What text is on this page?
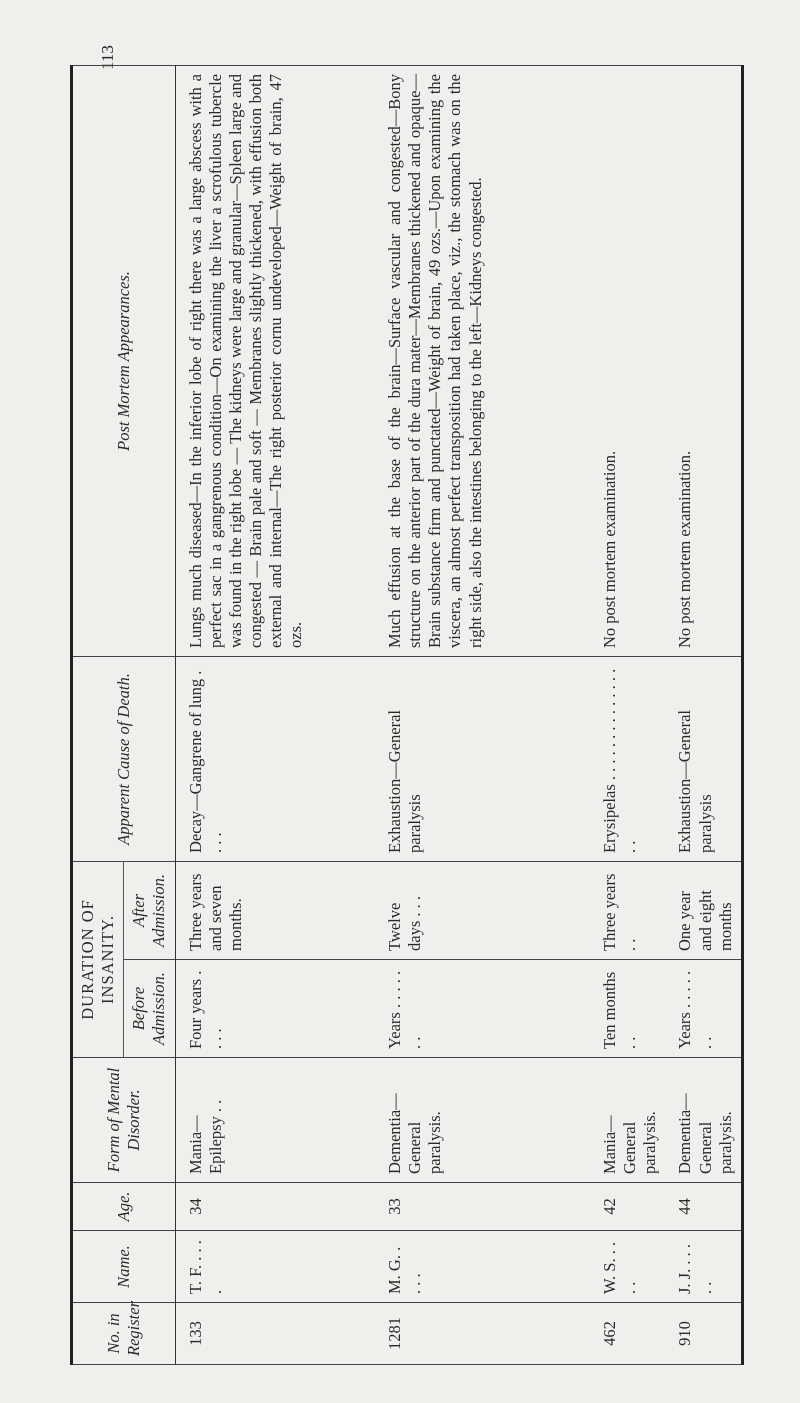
113
No. in Register	Name.	Age.	Form of Mental Disorder.	DURATION OF INSANITY.		Apparent Cause of Death.	Post Mortem Appearances.
				Before Admission.	After Admission.		
133	T. F. . . . .	34	Mania—Epilepsy . .	Four years . . . .	Three years and seven months.	Decay—Gangrene of lung . . . .	Lungs much diseased—In the inferior lobe of right there was a large abscess with a perfect sac in a gangrenous condition—On examining the liver a scrofulous tubercle was found in the right lobe — The kidneys were large and granular—Spleen large and congested — Brain pale and soft — Membranes slightly thickened, with effusion both external and internal—The right posterior cornu undeveloped—Weight of brain, 47 ozs.
1281	M. G. . . . .	33	Dementia—General paralysis.	Years . . . . . . .	Twelve days . . .	Exhaustion—General paralysis	Much effusion at the base of the brain—Surface vascular and congested—Bony structure on the anterior part of the dura mater—Membranes thickened and opaque—Brain substance firm and punctated—Weight of brain, 49 ozs.—Upon examining the viscera, an almost perfect transposition had taken place, viz., the stomach was on the right side, also the intestines belonging to the left—Kidneys congested.
462	W. S. . . . .	42	Mania—General paralysis.	Ten months . .	Three years . .	Erysipelas . . . . . . . . . . . . . . . .	No post mortem examination.
910	J. J. . . . . .	44	Dementia—General paralysis.	Years . . . . . . .	One year and eight months	Exhaustion—General paralysis	No post mortem examination.
